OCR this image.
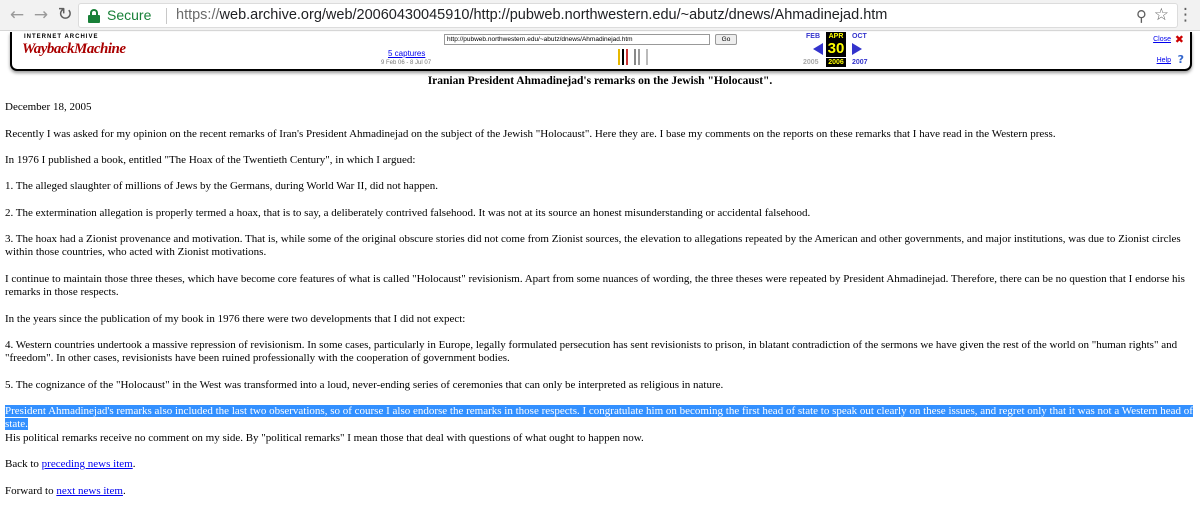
← → ↻ Secure https://web.archive.org/web/20060430045910/http://pubweb.northwestern.edu/~abutz/dnews/Ahmadinejad.htm	⚲ ☆ ⋮
INTERNET ARCHIVE
WaybackMachine	5 captures
9 Feb 06 - 8 Jul 07
http://pubweb.northwestern.edu/~abutz/dnews/Ahmadinejad.htm	Go	FEB	APR	OCT
30
2005	2006	2007
Close ✖
Help ?
Iranian President Ahmadinejad's remarks on the Jewish "Holocaust".
December 18, 2005
Recently I was asked for my opinion on the recent remarks of Iran's President Ahmadinejad on the subject of the Jewish "Holocaust". Here they are. I base my comments on the reports on these remarks that I have read in the Western press.
In 1976 I published a book, entitled "The Hoax of the Twentieth Century", in which I argued:
1. The alleged slaughter of millions of Jews by the Germans, during World War II, did not happen.
2. The extermination allegation is properly termed a hoax, that is to say, a deliberately contrived falsehood. It was not at its source an honest misunderstanding or accidental falsehood.
3. The hoax had a Zionist provenance and motivation. That is, while some of the original obscure stories did not come from Zionist sources, the elevation to allegations repeated by the American and other governments, and major institutions, was due to Zionist circles within those countries, who acted with Zionist motivations.
I continue to maintain those three theses, which have become core features of what is called "Holocaust" revisionism. Apart from some nuances of wording, the three theses were repeated by President Ahmadinejad. Therefore, there can be no question that I endorse his remarks in those respects.
In the years since the publication of my book in 1976 there were two developments that I did not expect:
4. Western countries undertook a massive repression of revisionism. In some cases, particularly in Europe, legally formulated persecution has sent revisionists to prison, in blatant contradiction of the sermons we have given the rest of the world on "human rights" and "freedom". In other cases, revisionists have been ruined professionally with the cooperation of government bodies.
5. The cognizance of the "Holocaust" in the West was transformed into a loud, never-ending series of ceremonies that can only be interpreted as religious in nature.
President Ahmadinejad's remarks also included the last two observations, so of course I also endorse the remarks in those respects. I congratulate him on becoming the first head of state to speak out clearly on these issues, and regret only that it was not a Western head of state.
His political remarks receive no comment on my side. By "political remarks" I mean those that deal with questions of what ought to happen now.
Back to preceding news item.
Forward to next news item.
